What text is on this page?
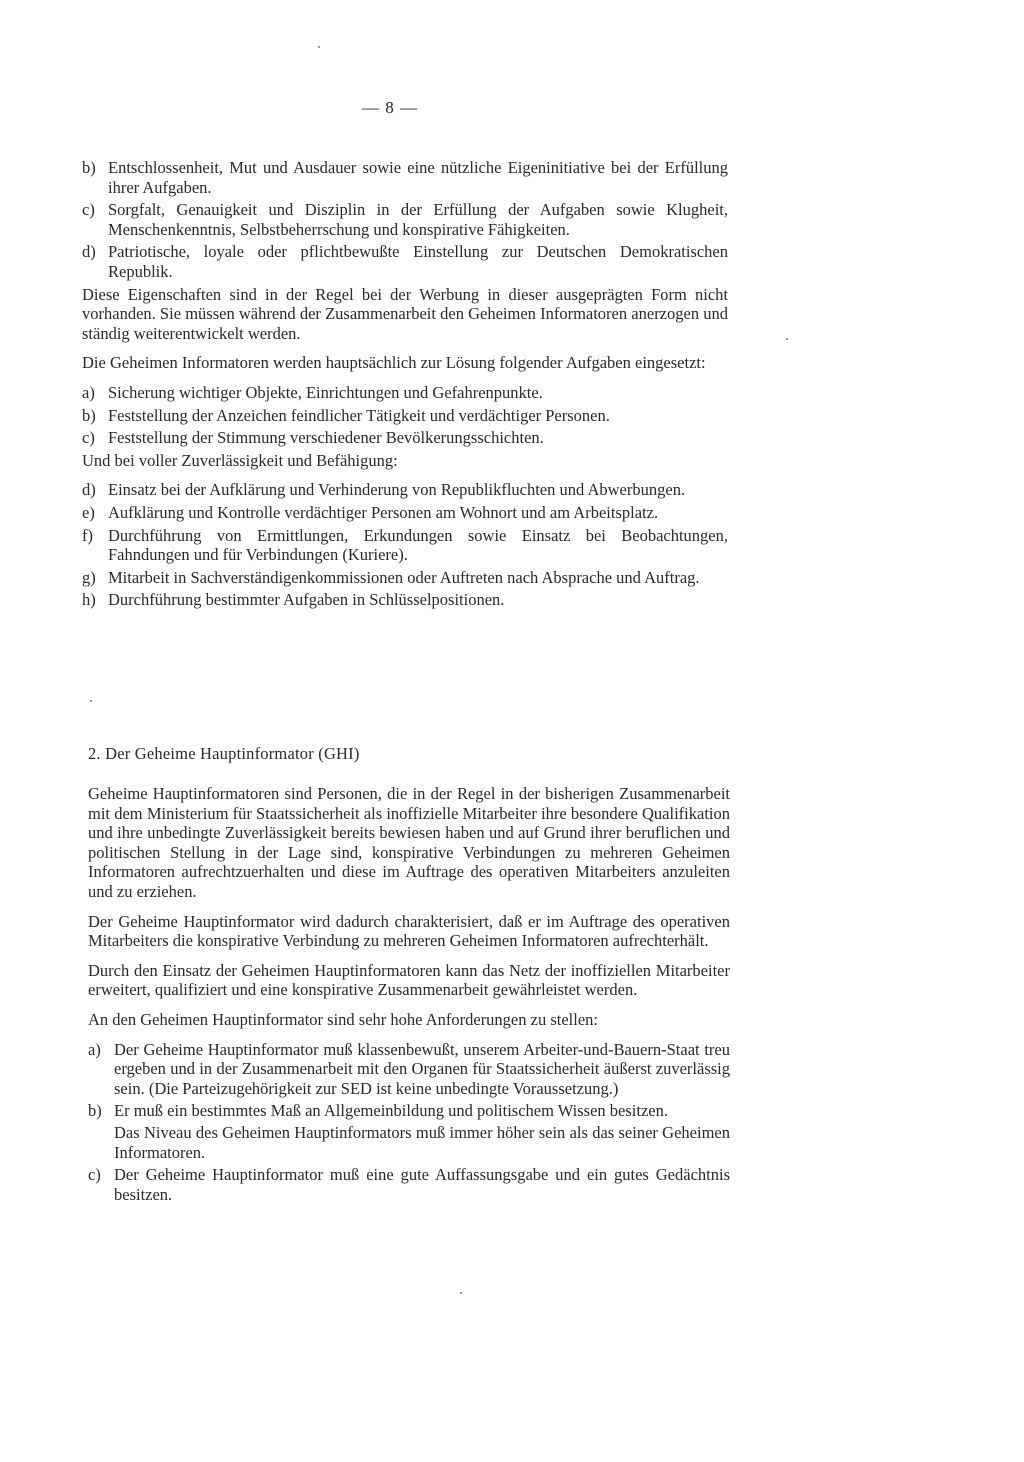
— 8 —
b) Entschlossenheit, Mut und Ausdauer sowie eine nützliche Eigeninitiative bei der Erfüllung ihrer Aufgaben.
c) Sorgfalt, Genauigkeit und Disziplin in der Erfüllung der Aufgaben sowie Klugheit, Menschenkenntnis, Selbstbeherrschung und konspirative Fähigkeiten.
d) Patriotische, loyale oder pflichtbewußte Einstellung zur Deutschen Demokratischen Republik.

Diese Eigenschaften sind in der Regel bei der Werbung in dieser ausgeprägten Form nicht vorhanden. Sie müssen während der Zusammenarbeit den Geheimen Informatoren anerzogen und ständig weiterentwickelt werden.

Die Geheimen Informatoren werden hauptsächlich zur Lösung folgender Aufgaben eingesetzt:

a) Sicherung wichtiger Objekte, Einrichtungen und Gefahrenpunkte.
b) Feststellung der Anzeichen feindlicher Tätigkeit und verdächtiger Personen.
c) Feststellung der Stimmung verschiedener Bevölkerungsschichten.

Und bei voller Zuverlässigkeit und Befähigung:

d) Einsatz bei der Aufklärung und Verhinderung von Republikfluchten und Abwerbungen.
e) Aufklärung und Kontrolle verdächtiger Personen am Wohnort und am Arbeitsplatz.
f) Durchführung von Ermittlungen, Erkundungen sowie Einsatz bei Beobachtungen, Fahndungen und für Verbindungen (Kuriere).
g) Mitarbeit in Sachverständigenkommissionen oder Auftreten nach Absprache und Auftrag.
h) Durchführung bestimmter Aufgaben in Schlüsselpositionen.
2. Der Geheime Hauptinformator (GHI)

Geheime Hauptinformatoren sind Personen, die in der Regel in der bisherigen Zusammenarbeit mit dem Ministerium für Staatssicherheit als inoffizielle Mitarbeiter ihre besondere Qualifikation und ihre unbedingte Zuverlässigkeit bereits bewiesen haben und auf Grund ihrer beruflichen und politischen Stellung in der Lage sind, konspirative Verbindungen zu mehreren Geheimen Informatoren aufrechtzuerhalten und diese im Auftrage des operativen Mitarbeiters anzuleiten und zu erziehen.

Der Geheime Hauptinformator wird dadurch charakterisiert, daß er im Auftrage des operativen Mitarbeiters die konspirative Verbindung zu mehreren Geheimen Informatoren aufrechterhält.

Durch den Einsatz der Geheimen Hauptinformatoren kann das Netz der inoffiziellen Mitarbeiter erweitert, qualifiziert und eine konspirative Zusammenarbeit gewährleistet werden.

An den Geheimen Hauptinformator sind sehr hohe Anforderungen zu stellen:

a) Der Geheime Hauptinformator muß klassenbewußt, unserem Arbeiter-und-Bauern-Staat treu ergeben und in der Zusammenarbeit mit den Organen für Staatssicherheit äußerst zuverlässig sein. (Die Parteizugehörigkeit zur SED ist keine unbedingte Voraussetzung.)
b) Er muß ein bestimmtes Maß an Allgemeinbildung und politischem Wissen besitzen.
Das Niveau des Geheimen Hauptinformators muß immer höher sein als das seiner Geheimen Informatoren.
c) Der Geheime Hauptinformator muß eine gute Auffassungsgabe und ein gutes Gedächtnis besitzen.
